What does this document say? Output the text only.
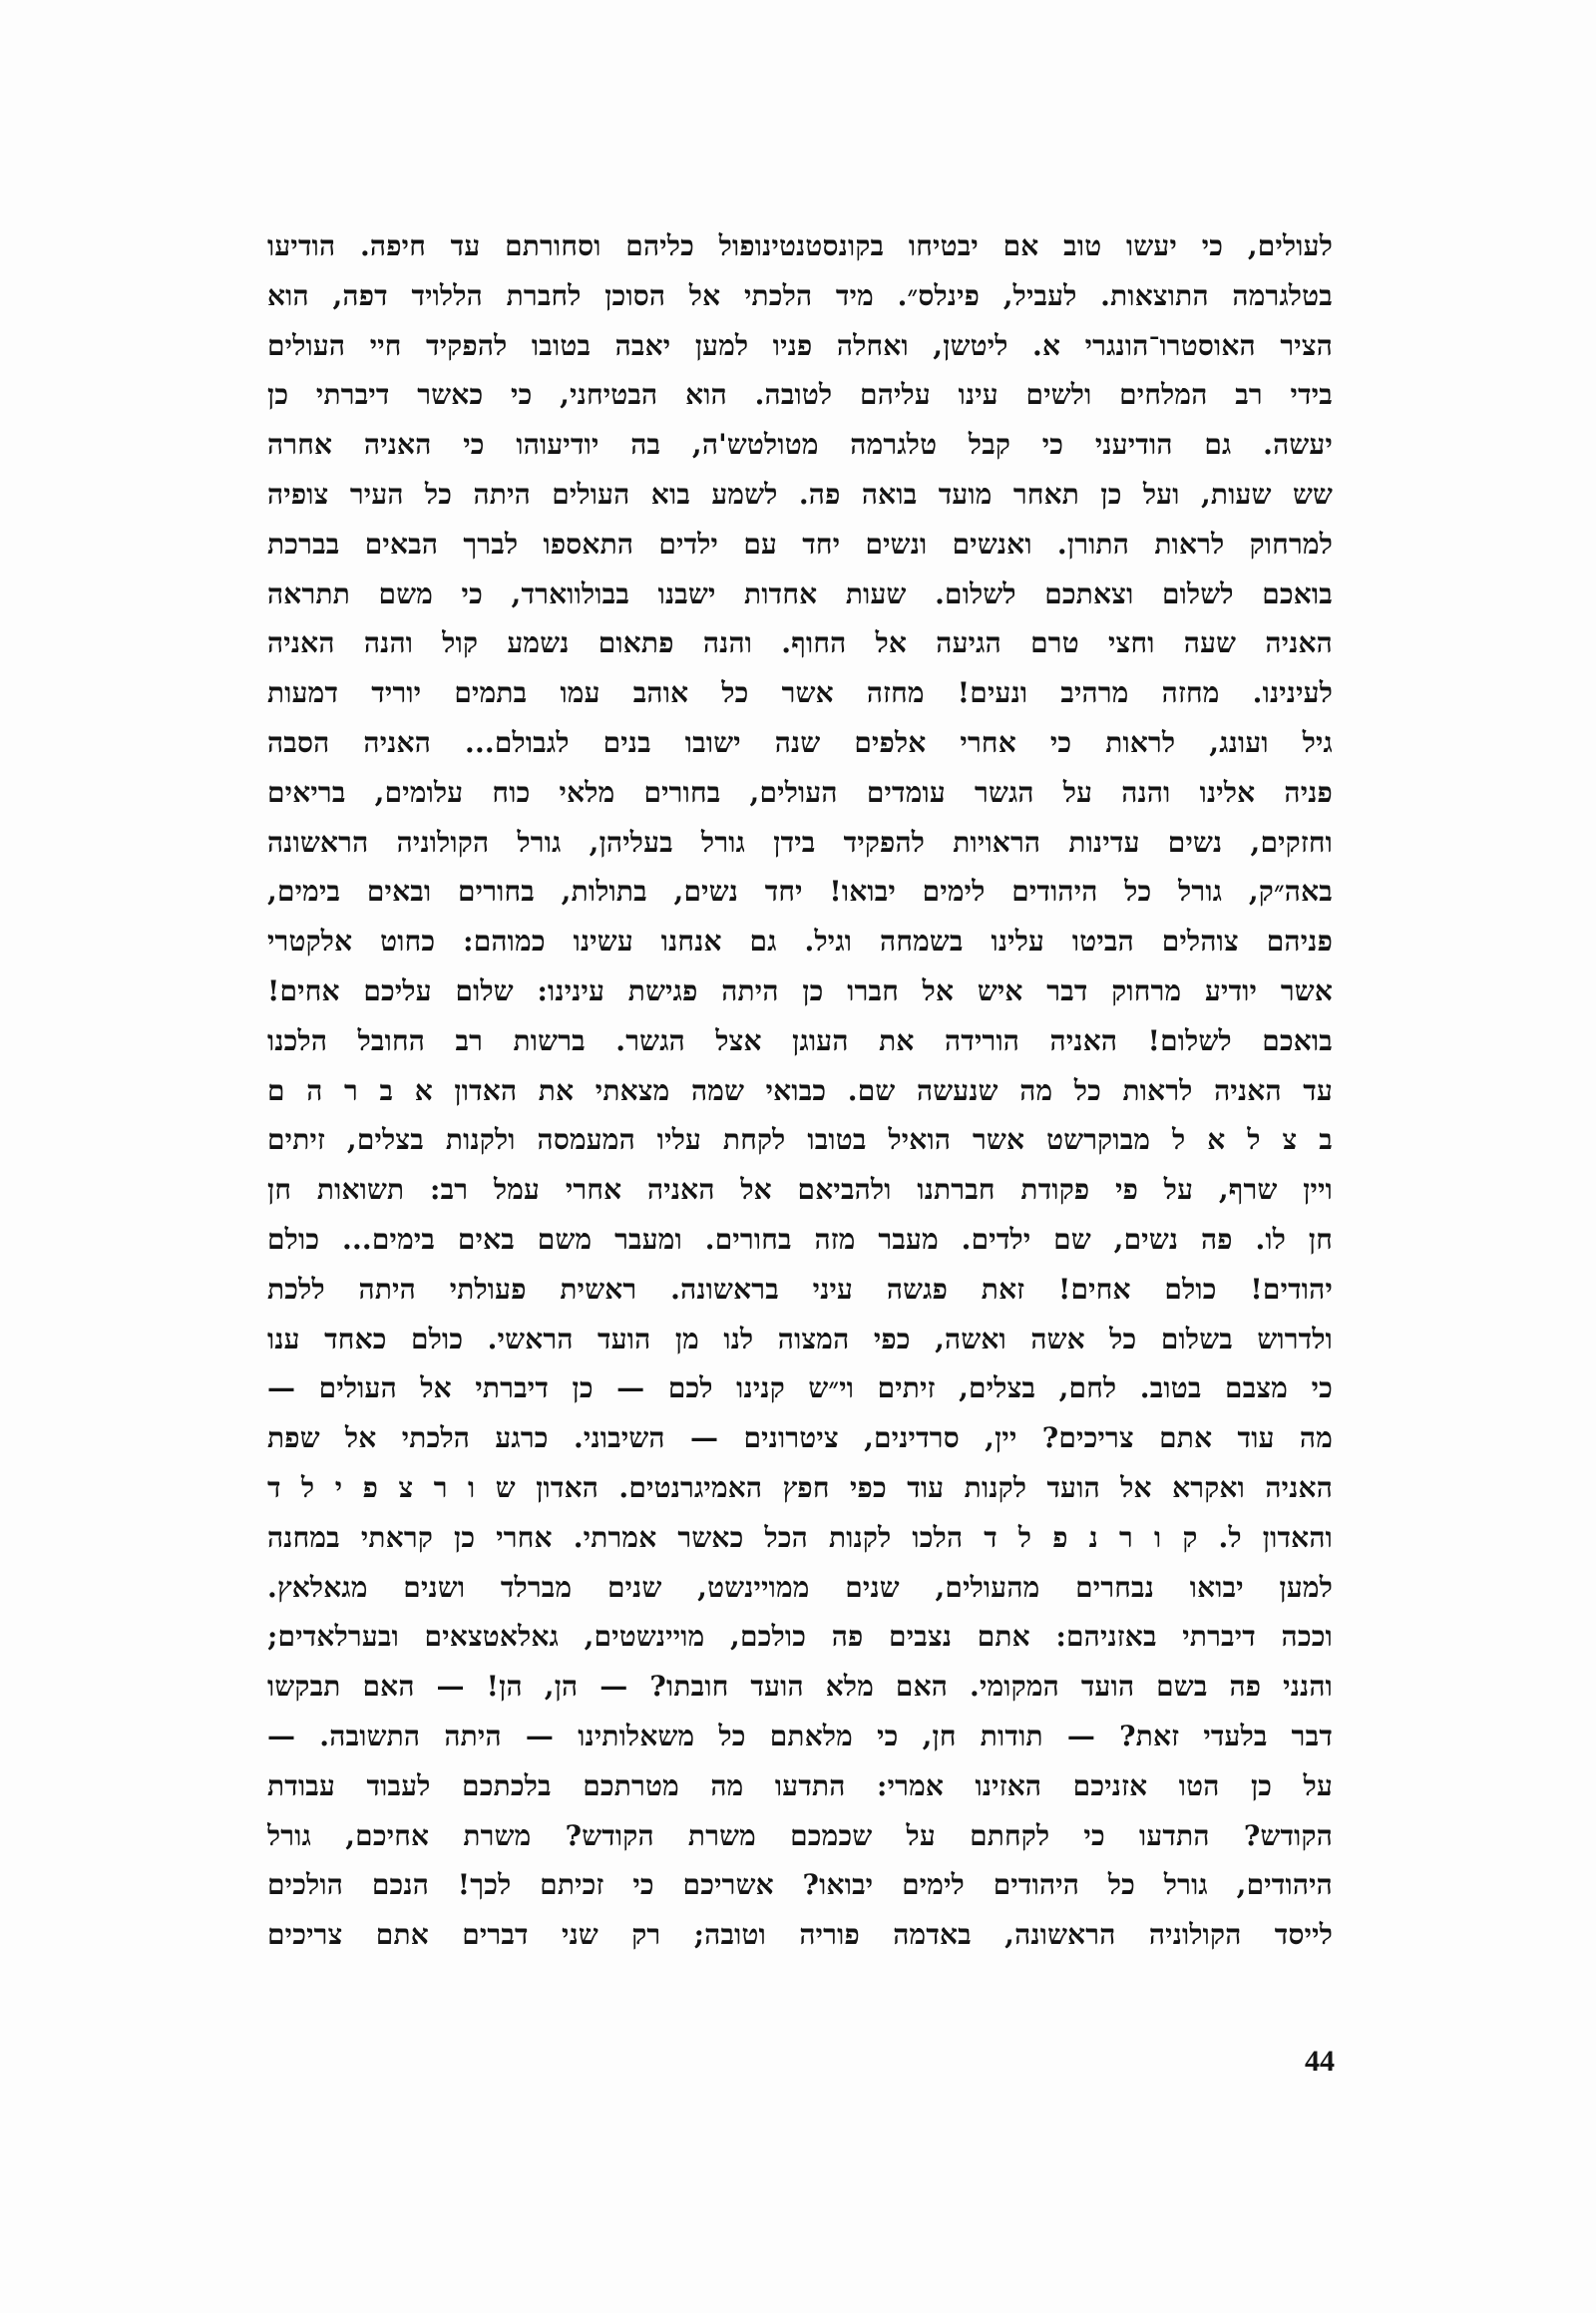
לעולים, כי יעשו טוב אם יבטיחו בקונסטנטינופול כליהם וסחורתם עד חיפה. הודיעו
בטלגרמה התוצאות. לעביל, פינלס״. מיד הלכתי אל הסוכן לחברת הללויד דפה, הוא
הציר האוסטרו־הונגרי א. ליטשן, ואחלה פניו למען יאבה בטובו להפקיד חיי העולים
בידי רב המלחים ולשים עינו עליהם לטובה. הוא הבטיחני, כי כאשר דיברתי כן
יעשה. גם הודיעני כי קבל טלגרמה מטולטש'ה, בה יודיעוהו כי האניה אחרה
שש שעות, ועל כן תאחר מועד בואה פה. לשמע בוא העולים היתה כל העיר צופיה
למרחוק לראות התורן. ואנשים ונשים יחד עם ילדים התאספו לברך הבאים בברכת
בואכם לשלום וצאתכם לשלום. שעות אחדות ישבנו בבולווארד, כי משם תתראה
האניה שעה וחצי טרם הגיעה אל החוף. והנה פתאום נשמע קול והנה האניה
לעינינו. מחזה מרהיב ונעים! מחזה אשר כל אוהב עמו בתמים יוריד דמעות
גיל ועונג, לראות כי אחרי אלפים שנה ישובו בנים לגבולם... האניה הסבה
פניה אלינו והנה על הגשר עומדים העולים, בחורים מלאי כוח עלומים, בריאים
וחזקים, נשים עדינות הראויות להפקיד בידן גורל בעליהן, גורל הקולוניה הראשונה
באה״ק, גורל כל היהודים לימים יבואו! יחד נשים, בתולות, בחורים ובאים בימים,
פניהם צוהלים הביטו עלינו בשמחה וגיל. גם אנחנו עשינו כמוהם: כחוט אלקטרי
אשר יודיע מרחוק דבר איש אל חברו כן היתה פגישת עינינו: שלום עליכם אחים!
בואכם לשלום! האניה הורידה את העוגן אצל הגשר. ברשות רב החובל הלכנו
עד האניה לראות כל מה שנעשה שם. כבואי שמה מצאתי את האדון א ב ר ה ם
ב צ ל א ל מבוקרשט אשר הואיל בטובו לקחת עליו המעמסה ולקנות בצלים, זיתים
ויין שרף, על פי פקודת חברתנו ולהביאם אל האניה אחרי עמל רב: תשואות חן
חן לו. פה נשים, שם ילדים. מעבר מזה בחורים. ומעבר משם באים בימים... כולם
יהודים! כולם אחים! זאת פגשה עיני בראשונה. ראשית פעולתי היתה ללכת
ולדרוש בשלום כל אשה ואשה, כפי המצוה לנו מן הועד הראשי. כולם כאחד ענו
כי מצבם בטוב. לחם, בצלים, זיתים וי״ש קנינו לכם — כן דיברתי אל העולים —
מה עוד אתם צריכים? יין, סרדינים, ציטרונים — השיבוני. כרגע הלכתי אל שפת
האניה ואקרא אל הועד לקנות עוד כפי חפץ האמיגרנטים. האדון ש ו ר צ פ י ל ד
והאדון ל. ק ו ר נ פ ל ד הלכו לקנות הכל כאשר אמרתי. אחרי כן קראתי במחנה
למען יבואו נבחרים מהעולים, שנים ממויינשט, שנים מברלד ושנים מגאלאץ.
וככה דיברתי באזניהם: אתם נצבים פה כולכם, מויינשטים, גאלאטצאים ובערלאדים;
והנני פה בשם הועד המקומי. האם מלא הועד חובתו? — הן, הן! — האם תבקשו
דבר בלעדי זאת? — תודות חן, כי מלאתם כל משאלותינו — היתה התשובה. —
על כן הטו אזניכם האזינו אמרי: התדעו מה מטרתכם בלכתכם לעבוד עבודת
הקודש? התדעו כי לקחתם על שכמכם משרת הקודש? משרת אחיכם, גורל
היהודים, גורל כל היהודים לימים יבואו? אשריכם כי זכיתם לכך! הנכם הולכים
לייסד הקולוניה הראשונה, באדמה פוריה וטובה; רק שני דברים אתם צריכים
44
